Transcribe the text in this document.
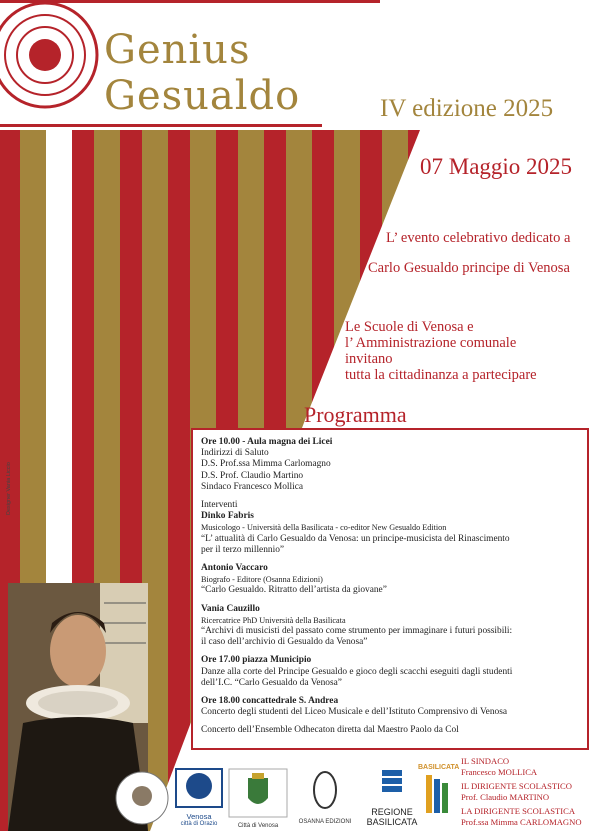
Genius
Gesualdo	IV edizione 2025
07 Maggio 2025
L’ evento celebrativo dedicato a
Carlo Gesualdo principe di Venosa
Le Scuole di Venosa e
l’ Amministrazione comunale
invitano
tutta la cittadinanza a partecipare
Programma
Ore 10.00 - Aula magna dei Licei
Indirizzi di Saluto
D.S. Prof.ssa Mimma Carlomagno
D.S. Prof. Claudio Martino
Sindaco Francesco Mollica
Interventi
Dinko Fabris
Musicologo - Università della Basilicata - co-editor New Gesualdo Edition
“L’ attualità di Carlo Gesualdo da Venosa: un principe-musicista del Rinascimento
per il terzo millennio”
Antonio Vaccaro
Biografo - Editore (Osanna Edizioni)
“Carlo Gesualdo. Ritratto dell’artista da giovane”
Vania Cauzillo
Ricercatrice PhD Università della Basilicata
“Archivi di musicisti del passato come strumento per immaginare i futuri possibili:
il caso dell’archivio di Gesualdo da Venosa”
Ore 17.00 piazza Municipio
Danze alla corte del Principe Gesualdo e gioco degli scacchi eseguiti dagli studenti
dell’I.C. “Carlo Gesualdo da Venosa”
Ore 18.00 concattedrale S. Andrea
Concerto degli studenti del Liceo Musicale e dell’Istituto Comprensivo di Venosa
Concerto dell’Ensemble Odhecaton diretta dal Maestro Paolo da Col
Designer Vania Liccio
Venosa
città di Orazio	Città di Venosa
OSANNA EDIZIONI
REGIONE
BASILICATA
BASILICATA
IL SINDACO
Francesco MOLLICA
IL DIRIGENTE SCOLASTICO
Prof. Claudio MARTINO
LA DIRIGENTE SCOLASTICA
Prof.ssa Mimma CARLOMAGNO
